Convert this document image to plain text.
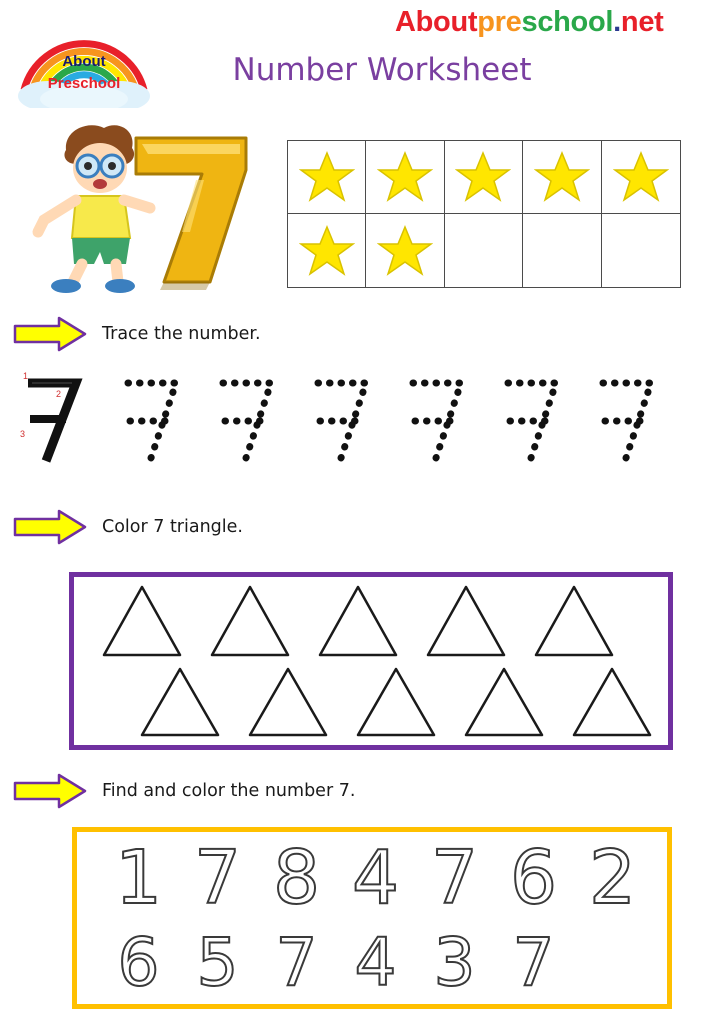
About
Preschool
Aboutpreschool.net
Number Worksheet
Trace the number.
1
2
3
Color 7 triangle.
Find and color the number 7.
1 7 8 4 7 6 2
6 5 7 4 3 7
